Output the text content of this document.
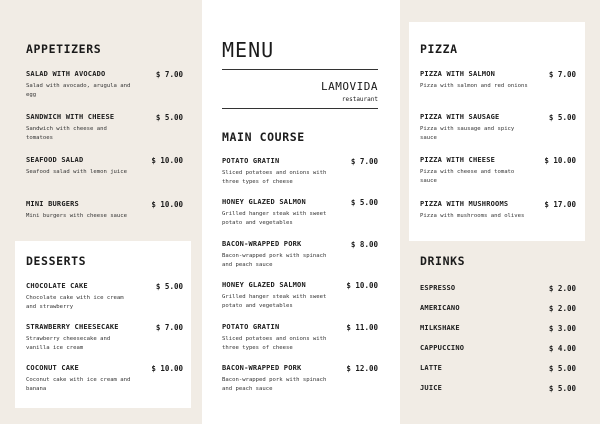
APPETIZERS
SALAD WITH AVOCADO	$ 7.00
Salad with avocado, arugula and egg
SANDWICH WITH CHEESE	$ 5.00
Sandwich with cheese and tomatoes
SEAFOOD SALAD	$ 10.00
Seafood salad with lemon juice
MINI BURGERS	$ 10.00
Mini burgers with cheese sauce
DESSERTS
CHOCOLATE CAKE	$ 5.00
Chocolate cake with ice cream and strawberry
STRAWBERRY CHEESECAKE	$ 7.00
Strawberry cheesecake and vanilla ice cream
COCONUT CAKE	$ 10.00
Coconut cake with ice cream and banana
MENU
LAMOVIDA
restaurant
MAIN COURSE
POTATO GRATIN	$ 7.00
Sliced potatoes and onions with three types of cheese
HONEY GLAZED SALMON	$ 5.00
Grilled hanger steak with sweet potato and vegetables
BACON-WRAPPED PORK	$ 8.00
Bacon-wrapped pork with spinach and peach sauce
HONEY GLAZED SALMON	$ 10.00
Grilled hanger steak with sweet potato and vegetables
POTATO GRATIN	$ 11.00
Sliced potatoes and onions with three types of cheese
BACON-WRAPPED PORK	$ 12.00
Bacon-wrapped pork with spinach and peach sauce
PIZZA
PIZZA WITH SALMON	$ 7.00
Pizza with salmon and red onions
PIZZA WITH SAUSAGE	$ 5.00
Pizza with sausage and spicy sauce
PIZZA WITH CHEESE	$ 10.00
Pizza with cheese and tomato sauce
PIZZA WITH MUSHROOMS	$ 17.00
Pizza with mushrooms and olives
DRINKS
ESPRESSO	$ 2.00
AMERICANO	$ 2.00
MILKSHAKE	$ 3.00
CAPPUCCINO	$ 4.00
LATTE	$ 5.00
JUICE	$ 5.00
